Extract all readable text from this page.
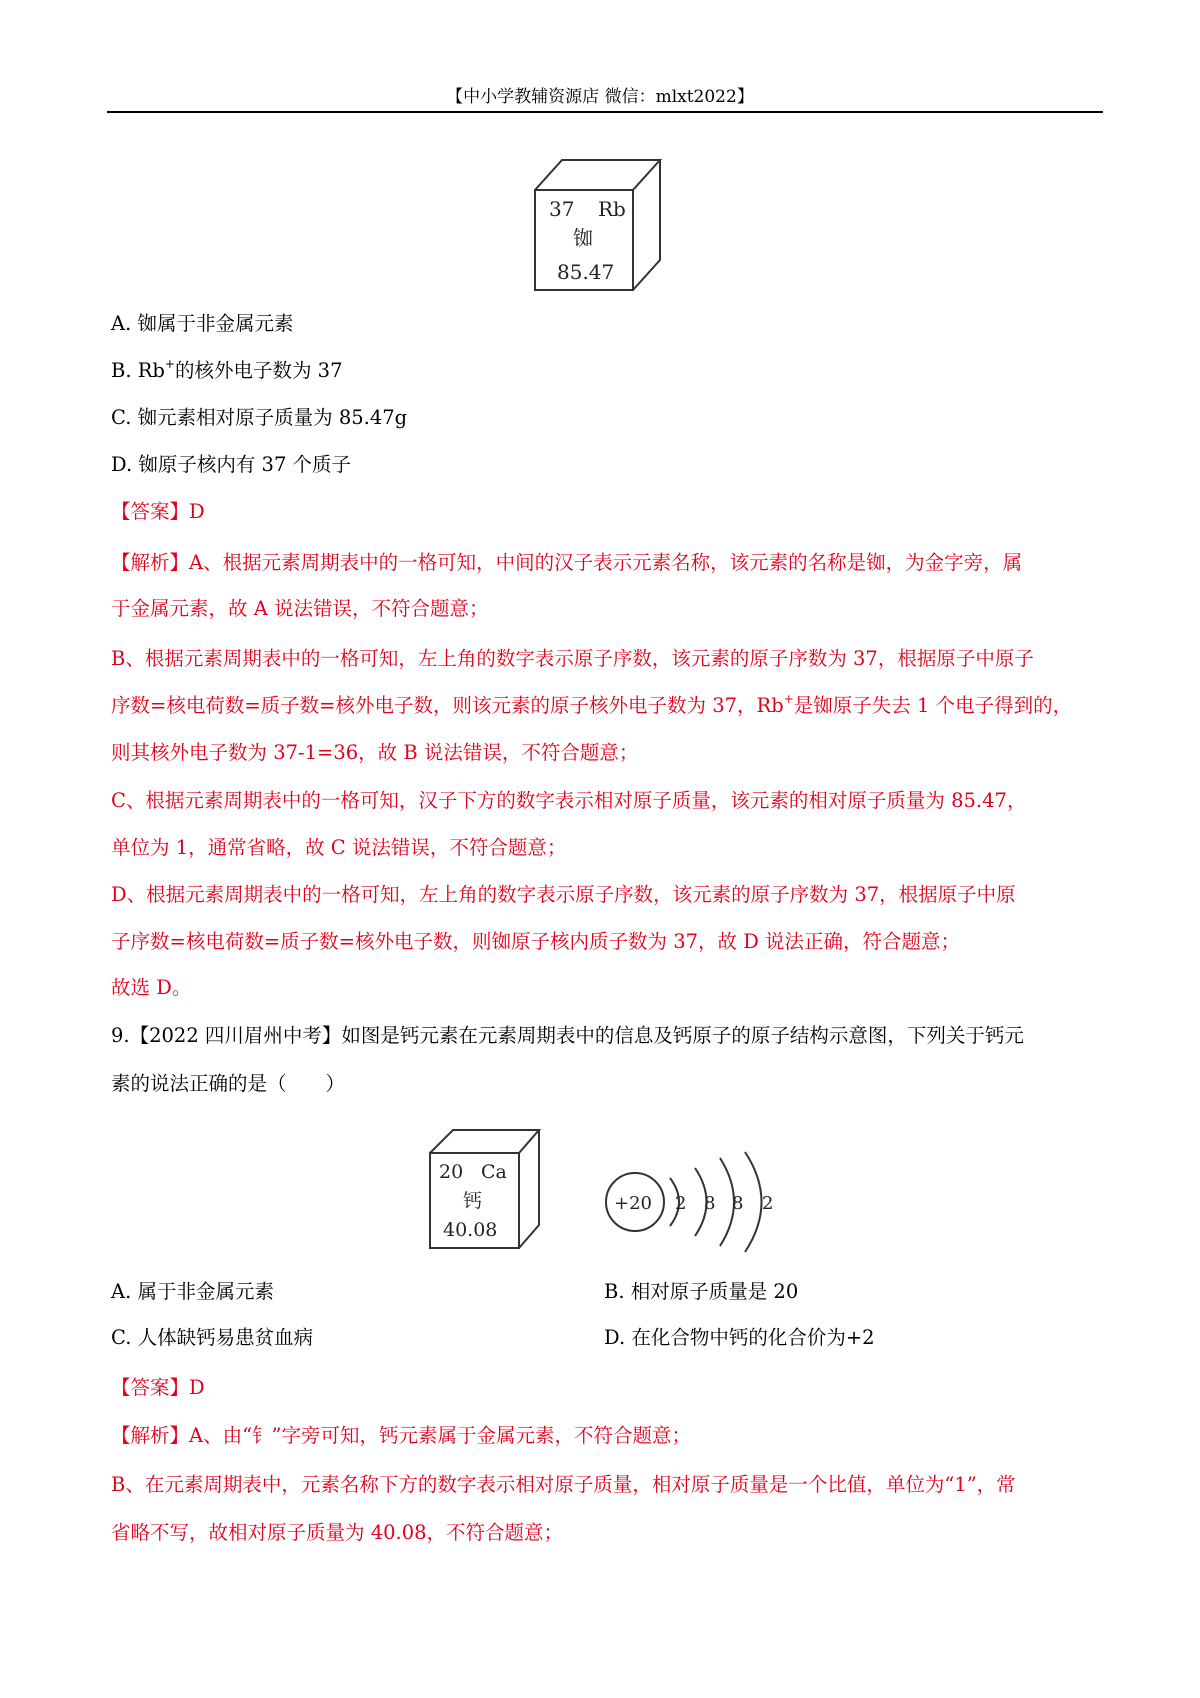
【中小学教辅资源店 微信：mlxt2022】
37 Rb
铷
85.47
A. 铷属于非金属元素
B. Rb+的核外电子数为 37
C. 铷元素相对原子质量为 85.47g
D. 铷原子核内有 37 个质子
【答案】D
【解析】A、根据元素周期表中的一格可知，中间的汉子表示元素名称，该元素的名称是铷，为金字旁，属
于金属元素，故 A 说法错误，不符合题意；
B、根据元素周期表中的一格可知，左上角的数字表示原子序数，该元素的原子序数为 37，根据原子中原子
序数=核电荷数=质子数=核外电子数，则该元素的原子核外电子数为 37，Rb+是铷原子失去 1 个电子得到的，
则其核外电子数为 37-1=36，故 B 说法错误，不符合题意；
C、根据元素周期表中的一格可知，汉子下方的数字表示相对原子质量，该元素的相对原子质量为 85.47，
单位为 1，通常省略，故 C 说法错误，不符合题意；
D、根据元素周期表中的一格可知，左上角的数字表示原子序数，该元素的原子序数为 37，根据原子中原
子序数=核电荷数=质子数=核外电子数，则铷原子核内质子数为 37，故 D 说法正确，符合题意；
故选 D。
9.【2022 四川眉州中考】如图是钙元素在元素周期表中的信息及钙原子的原子结构示意图，下列关于钙元
素的说法正确的是（　　）
20 Ca
钙
40.08
+20 2 8 8 2
A. 属于非金属元素	B. 相对原子质量是 20
C. 人体缺钙易患贫血病	D. 在化合物中钙的化合价为+2
【答案】D
【解析】A、由“钅”字旁可知，钙元素属于金属元素，不符合题意；
B、在元素周期表中，元素名称下方的数字表示相对原子质量，相对原子质量是一个比值，单位为“1”，常
省略不写，故相对原子质量为 40.08，不符合题意；
